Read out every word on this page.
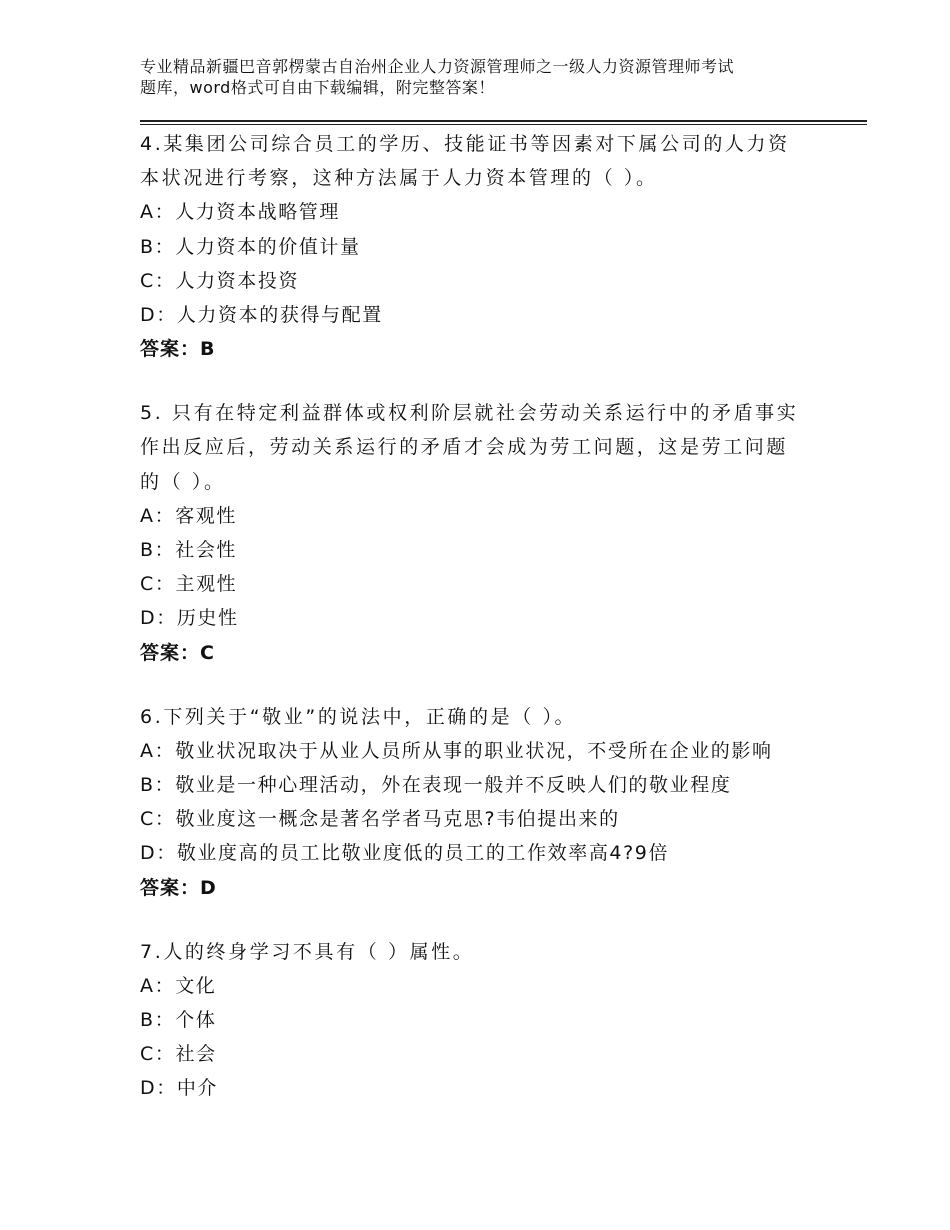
专业精品新疆巴音郭楞蒙古自治州企业人力资源管理师之一级人力资源管理师考试
题库，word格式可自由下载编辑，附完整答案！
4.某集团公司综合员工的学历、技能证书等因素对下属公司的人力资
本状况进行考察，这种方法属于人力资本管理的（ ）。
A：人力资本战略管理
B：人力资本的价值计量
C：人力资本投资
D：人力资本的获得与配置
答案：B
5. 只有在特定利益群体或权利阶层就社会劳动关系运行中的矛盾事实
作出反应后，劳动关系运行的矛盾才会成为劳工问题，这是劳工问题
的（ ）。
A：客观性
B：社会性
C：主观性
D：历史性
答案：C
6.下列关于“敬业”的说法中，正确的是（ ）。
A：敬业状况取决于从业人员所从事的职业状况，不受所在企业的影响
B：敬业是一种心理活动，外在表现一般并不反映人们的敬业程度
C：敬业度这一概念是著名学者马克思?韦伯提出来的
D：敬业度高的员工比敬业度低的员工的工作效率高4?9倍
答案：D
7.人的终身学习不具有（ ）属性。
A：文化
B：个体
C：社会
D：中介
